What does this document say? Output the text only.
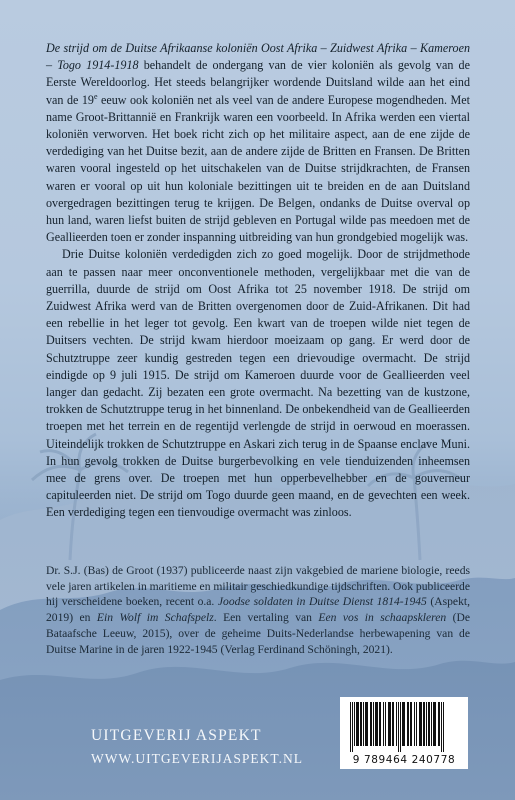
De strijd om de Duitse Afrikaanse koloniën Oost Afrika – Zuidwest Afrika – Kameroen – Togo 1914-1918 behandelt de ondergang van de vier koloniën als gevolg van de Eerste Wereldoorlog. Het steeds belangrijker wordende Duitsland wilde aan het eind van de 19e eeuw ook koloniën net als veel van de andere Europese mogendheden. Met name Groot-Brittannië en Frankrijk waren een voorbeeld. In Afrika werden een viertal koloniën verworven. Het boek richt zich op het militaire aspect, aan de ene zijde de verdediging van het Duitse bezit, aan de andere zijde de Britten en Fransen. De Britten waren vooral ingesteld op het uitschakelen van de Duitse strijdkrachten, de Fransen waren er vooral op uit hun koloniale bezittingen uit te breiden en de aan Duitsland overgedragen bezittingen terug te krijgen. De Belgen, ondanks de Duitse overval op hun land, waren liefst buiten de strijd gebleven en Portugal wilde pas meedoen met de Geallieerden toen er zonder inspanning uitbreiding van hun grondgebied mogelijk was.

Drie Duitse koloniën verdedigden zich zo goed mogelijk. Door de strijdmethode aan te passen naar meer onconventionele methoden, vergelijkbaar met die van de guerrilla, duurde de strijd om Oost Afrika tot 25 november 1918. De strijd om Zuidwest Afrika werd van de Britten overgenomen door de Zuid-Afrikanen. Dit had een rebellie in het leger tot gevolg. Een kwart van de troepen wilde niet tegen de Duitsers vechten. De strijd kwam hierdoor moeizaam op gang. Er werd door de Schutztruppe zeer kundig gestreden tegen een drievoudige overmacht. De strijd eindigde op 9 juli 1915. De strijd om Kameroen duurde voor de Geallieerden veel langer dan gedacht. Zij bezaten een grote overmacht. Na bezetting van de kustzone, trokken de Schutztruppe terug in het binnenland. De onbekendheid van de Geallieerden troepen met het terrein en de regentijd verlengde de strijd in oerwoud en moerassen. Uiteindelijk trokken de Schutztruppe en Askari zich terug in de Spaanse enclave Muni. In hun gevolg trokken de Duitse burgerbevolking en vele tienduizenden inheemsen mee de grens over. De troepen met hun opperbevelhebber en de gouverneur capituleerden niet. De strijd om Togo duurde geen maand, en de gevechten een week. Een verdediging tegen een tienvoudige overmacht was zinloos.

Dr. S.J. (Bas) de Groot (1937) publiceerde naast zijn vakgebied de mariene biologie, reeds vele jaren artikelen in maritieme en militair geschiedkundige tijdschriften. Ook publiceerde hij verscheidene boeken, recent o.a. Joodse soldaten in Duitse Dienst 1814-1945 (Aspekt, 2019) en Ein Wolf im Schafspelz. Een vertaling van Een vos in schaapskleren (De Bataafsche Leeuw, 2015), over de geheime Duits-Nederlandse herbewapening van de Duitse Marine in de jaren 1922-1945 (Verlag Ferdinand Schöningh, 2021).

UITGEVERIJ ASPEKT
WWW.UITGEVERIJASPEKT.NL	9 789464 240778
